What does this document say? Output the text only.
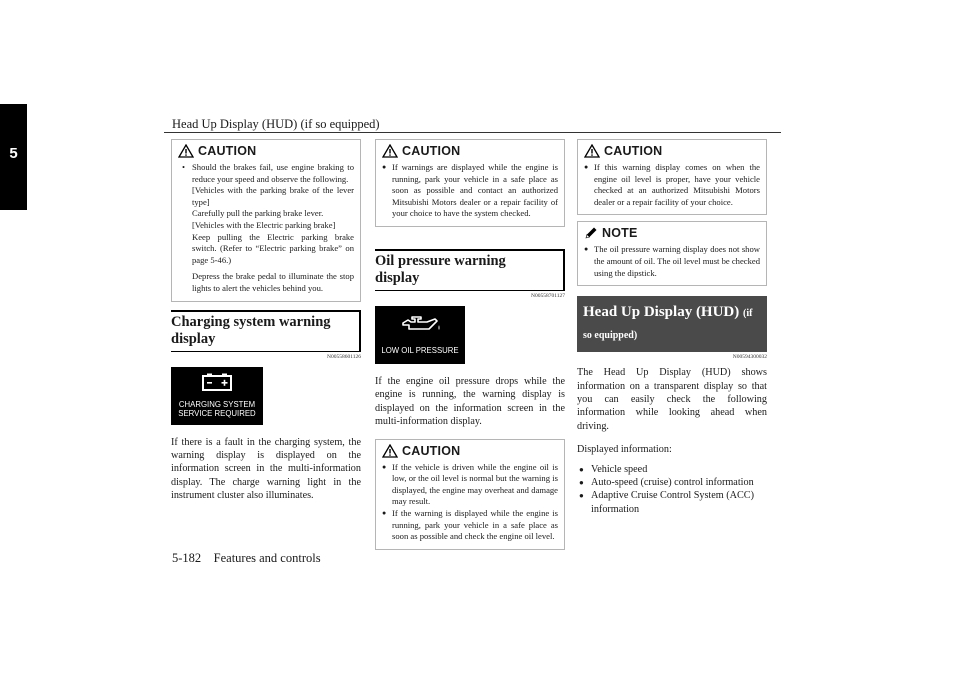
5
Head Up Display (HUD) (if so equipped)
CAUTION

• Should the brakes fail, use engine braking to reduce your speed and observe the following.

[Vehicles with the parking brake of the lever type]

Carefully pull the parking brake lever.

[Vehicles with the Electric parking brake]

Keep pulling the Electric parking brake switch. (Refer to “Electric parking brake” on page 5-46.)

Depress the brake pedal to illuminate the stop lights to alert the vehicles behind you.

Charging system warning display
N00558601126
CHARGING SYSTEM
SERVICE REQUIRED

If there is a fault in the charging system, the warning display is displayed on the information screen in the multi-information display. The charge warning light in the instrument cluster also illuminates.

CAUTION

● If warnings are displayed while the engine is running, park your vehicle in a safe place as soon as possible and contact an authorized Mitsubishi Motors dealer or a repair facility of your choice to have the system checked.

Oil pressure warning display
N00558701127
LOW OIL PRESSURE

If the engine oil pressure drops while the engine is running, the warning display is displayed on the information screen in the multi-information display.

CAUTION

● If the vehicle is driven while the engine oil is low, or the oil level is normal but the warning is displayed, the engine may overheat and damage may result.

● If the warning is displayed while the engine is running, park your vehicle in a safe place as soon as possible and check the engine oil level.

CAUTION

● If this warning display comes on when the engine oil level is proper, have your vehicle checked at an authorized Mitsubishi Motors dealer or a repair facility of your choice.

NOTE

● The oil pressure warning display does not show the amount of oil. The oil level must be checked using the dipstick.

Head Up Display (HUD) (if so equipped)
N00594300032

The Head Up Display (HUD) shows information on a transparent display so that you can easily check the following information while looking ahead when driving.

Displayed information:

● Vehicle speed

● Auto-speed (cruise) control information

● Adaptive Cruise Control System (ACC) information

5-182    Features and controls
